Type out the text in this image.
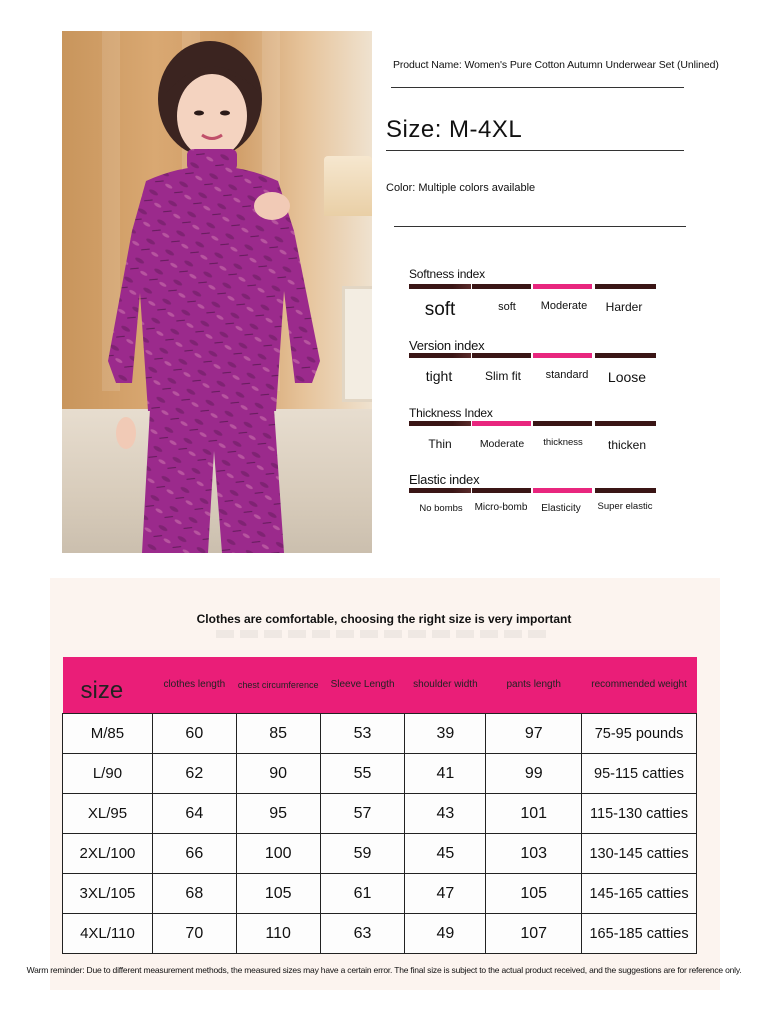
Product Name: Women's Pure Cotton Autumn Underwear Set (Unlined)
Size: M-4XL
Color: Multiple colors available
Softness index
soft	soft	Moderate	Harder
Version index
tight	Slim fit	standard	Loose
Thickness Index
Thin	Moderate	thickness	thicken
Elastic index
No bombs	Micro-bomb	Elasticity	Super elastic
Clothes are comfortable, choosing the right size is very important
size	clothes length	chest circumference	Sleeve Length	shoulder width	pants length	recommended weight
M/85	60	85	53	39	97	75-95 pounds
L/90	62	90	55	41	99	95-115 catties
XL/95	64	95	57	43	101	115-130 catties
2XL/100	66	100	59	45	103	130-145 catties
3XL/105	68	105	61	47	105	145-165 catties
4XL/110	70	110	63	49	107	165-185 catties
Warm reminder: Due to different measurement methods, the measured sizes may have a certain error. The final size is subject to the actual product received, and the suggestions are for reference only.
